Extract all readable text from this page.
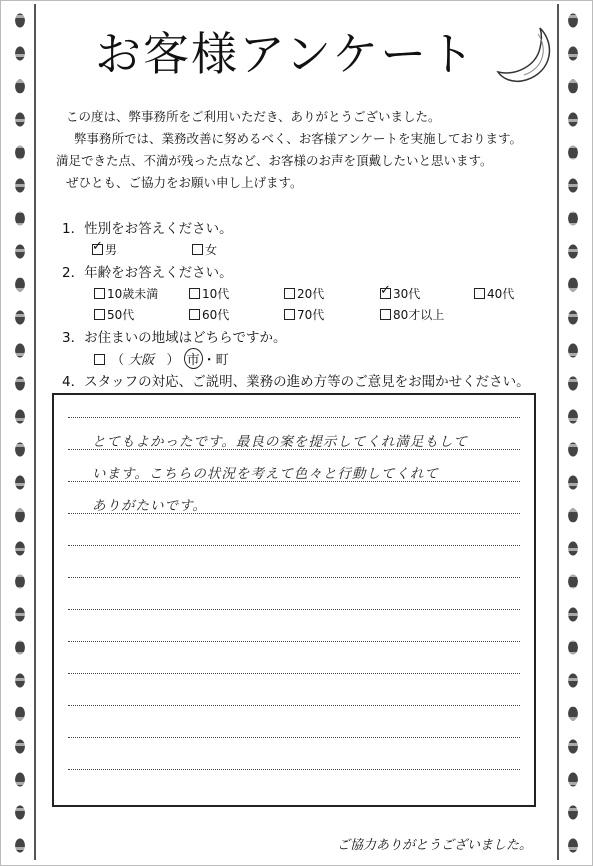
お客様アンケート
この度は、弊事務所をご利用いただき、ありがとうございました。
弊事務所では、業務改善に努めるべく、お客様アンケートを実施しております。
満足できた点、不満が残った点など、お客様のお声を頂戴したいと思います。
ぜひとも、ご協力をお願い申し上げます。
1．性別をお答えください。
✓男	女
2．年齢をお答えください。
10歳未満	10代	20代
✓	30代	40代
50代	60代	70代	80才以上
3．お住まいの地域はどちらですか。
（ 大阪 ） 市 ・町
4．スタッフの対応、ご説明、業務の進め方等のご意見をお聞かせください。
とてもよかったです。最良の案を提示してくれ満足もして
います。こちらの状況を考えて色々と行動してくれて
ありがたいです。
ご協力ありがとうございました。
